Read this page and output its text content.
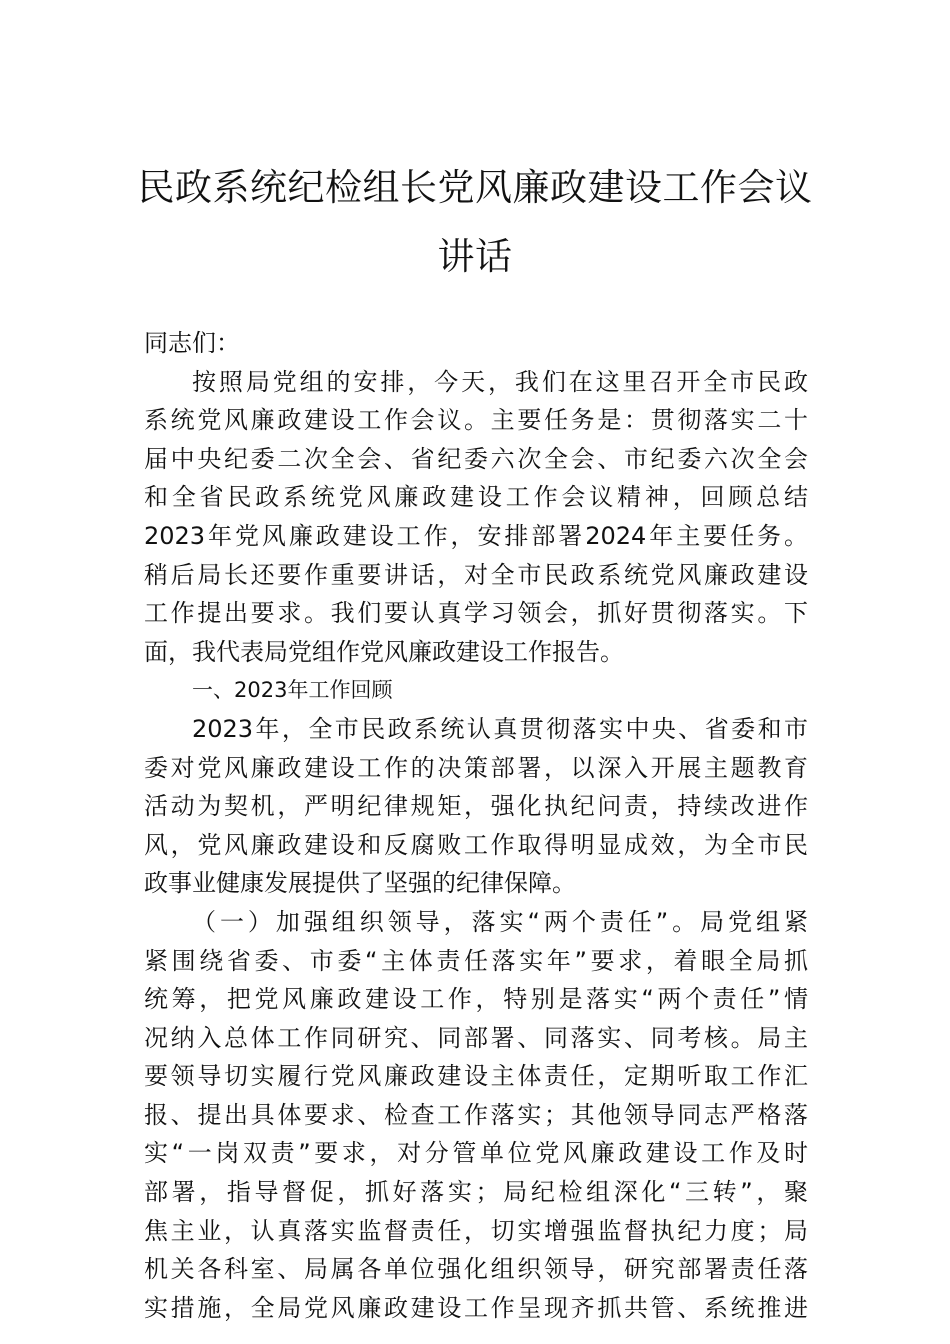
民政系统纪检组长党风廉政建设工作会议
讲话
同志们：
按照局党组的安排，今天，我们在这里召开全市民政
系统党风廉政建设工作会议。主要任务是：贯彻落实二十
届中央纪委二次全会、省纪委六次全会、市纪委六次全会
和全省民政系统党风廉政建设工作会议精神，回顾总结
2023年党风廉政建设工作，安排部署2024年主要任务。
稍后局长还要作重要讲话，对全市民政系统党风廉政建设
工作提出要求。我们要认真学习领会，抓好贯彻落实。下
面，我代表局党组作党风廉政建设工作报告。
一、2023年工作回顾
2023年，全市民政系统认真贯彻落实中央、省委和市
委对党风廉政建设工作的决策部署，以深入开展主题教育
活动为契机，严明纪律规矩，强化执纪问责，持续改进作
风，党风廉政建设和反腐败工作取得明显成效，为全市民
政事业健康发展提供了坚强的纪律保障。
（一）加强组织领导，落实“两个责任”。局党组紧
紧围绕省委、市委“主体责任落实年”要求，着眼全局抓
统筹，把党风廉政建设工作，特别是落实“两个责任”情
况纳入总体工作同研究、同部署、同落实、同考核。局主
要领导切实履行党风廉政建设主体责任，定期听取工作汇
报、提出具体要求、检查工作落实；其他领导同志严格落
实“一岗双责”要求，对分管单位党风廉政建设工作及时
部署，指导督促，抓好落实；局纪检组深化“三转”，聚
焦主业，认真落实监督责任，切实增强监督执纪力度；局
机关各科室、局属各单位强化组织领导，研究部署责任落
实措施，全局党风廉政建设工作呈现齐抓共管、系统推进
